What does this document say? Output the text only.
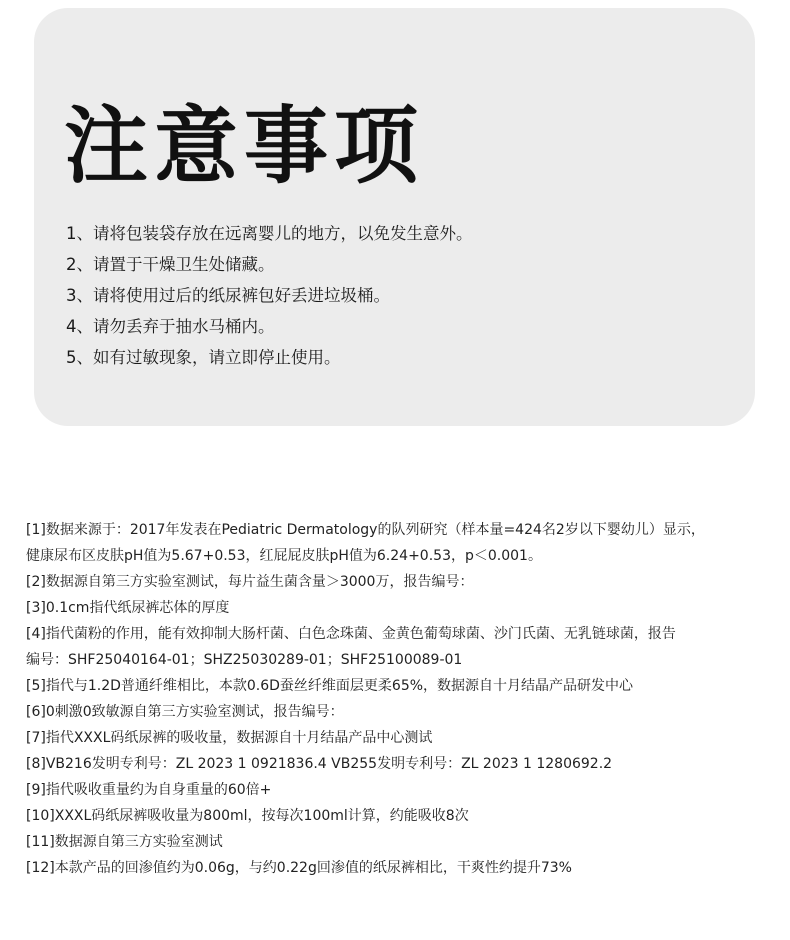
注意事项
1、请将包装袋存放在远离婴儿的地方，以免发生意外。
2、请置于干燥卫生处储藏。
3、请将使用过后的纸尿裤包好丢进垃圾桶。
4、请勿丢弃于抽水马桶内。
5、如有过敏现象，请立即停止使用。
[1]数据来源于：2017年发表在Pediatric Dermatology的队列研究（样本量=424名2岁以下婴幼儿）显示，
健康尿布区皮肤pH值为5.67+0.53，红屁屁皮肤pH值为6.24+0.53，p＜0.001。
[2]数据源自第三方实验室测试，每片益生菌含量＞3000万，报告编号：
[3]0.1cm指代纸尿裤芯体的厚度
[4]指代菌粉的作用，能有效抑制大肠杆菌、白色念珠菌、金黄色葡萄球菌、沙门氏菌、无乳链球菌，报告
编号：SHF25040164-01；SHZ25030289-01；SHF25100089-01
[5]指代与1.2D普通纤维相比，本款0.6D蚕丝纤维面层更柔65%，数据源自十月结晶产品研发中心
[6]0刺激0致敏源自第三方实验室测试，报告编号：
[7]指代XXXL码纸尿裤的吸收量，数据源自十月结晶产品中心测试
[8]VB216发明专利号：ZL 2023 1 0921836.4 VB255发明专利号：ZL 2023 1 1280692.2
[9]指代吸收重量约为自身重量的60倍+
[10]XXXL码纸尿裤吸收量为800ml，按每次100ml计算，约能吸收8次
[11]数据源自第三方实验室测试
[12]本款产品的回渗值约为0.06g，与约0.22g回渗值的纸尿裤相比，干爽性约提升73%
